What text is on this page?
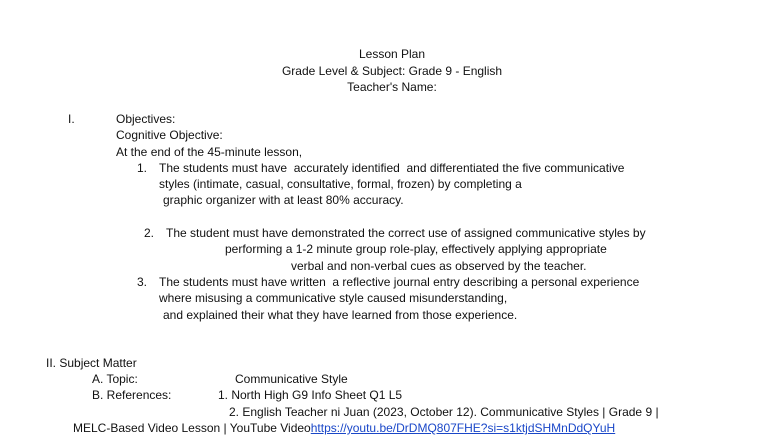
Lesson Plan
Grade Level & Subject: Grade 9 - English
Teacher's Name:
I.	Objectives:
Cognitive Objective:
At the end of the 45-minute lesson,
1. The students must have  accurately identified  and differentiated the five communicative
styles (intimate, casual, consultative, formal, frozen) by completing a
graphic organizer with at least 80% accuracy.
2. The student must have demonstrated the correct use of assigned communicative styles by
performing a 1-2 minute group role-play, effectively applying appropriate
verbal and non-verbal cues as observed by the teacher.
3. The students must have written  a reflective journal entry describing a personal experience
where misusing a communicative style caused misunderstanding,
and explained their what they have learned from those experience.
II. Subject Matter
A. Topic:	Communicative Style
B. References:	1. North High G9 Info Sheet Q1 L5
2. English Teacher ni Juan (2023, October 12). Communicative Styles | Grade 9 |
MELC-Based Video Lesson | YouTube Videohttps://youtu.be/DrDMQ807FHE?si=s1ktjdSHMnDdQYuH
